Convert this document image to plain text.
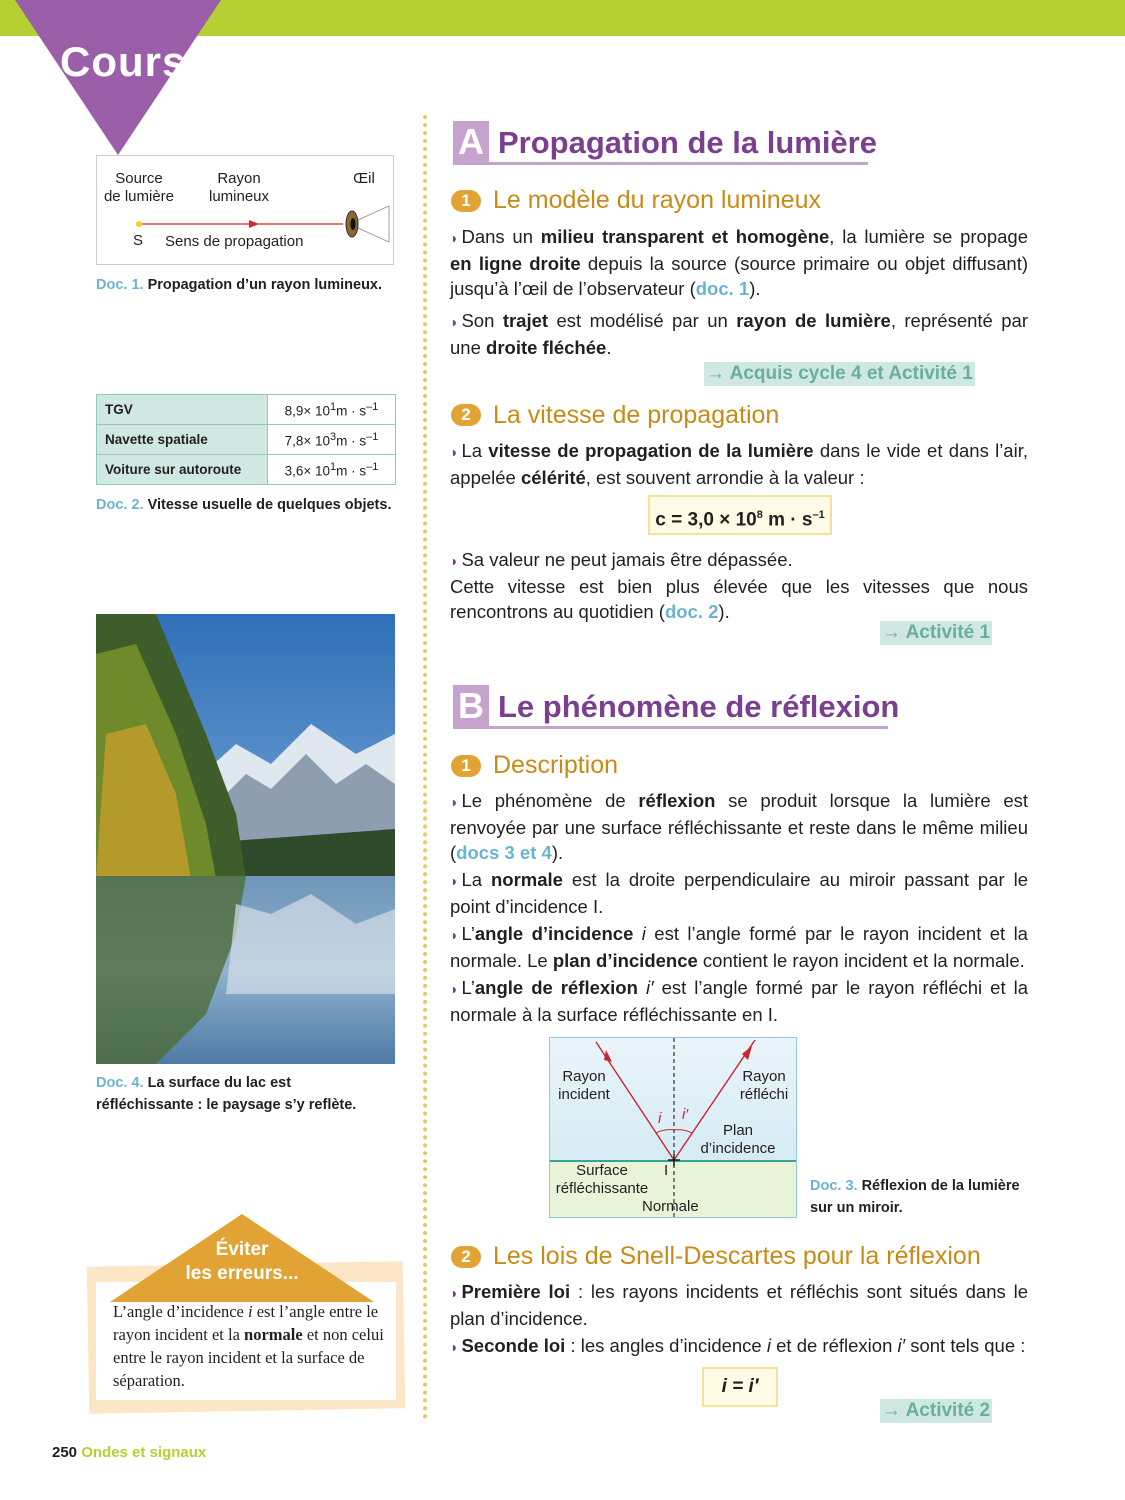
Cours
Source
de lumière
Rayon
lumineux
Œil
S Sens de propagation
Doc. 1. Propagation d’un rayon lumineux.
TGV	$8,9\times 10^1m \cdot s^{-1}$
Navette spatiale	$7,8\times 10^3m \cdot s^{-1}$
Voiture sur autoroute	$3,6\times 10^1m \cdot s^{-1}$
Doc. 2. Vitesse usuelle de quelques objets.
Doc. 4. La surface du lac est
réfléchissante : le paysage s’y reflète.
Éviter
les erreurs...
L’angle d’incidence i est l’angle entre le rayon incident et la normale et non celui entre le rayon incident et la surface de séparation.
250 Ondes et signaux
A Propagation de la lumière
1 Le modèle du rayon lumineux
◗ Dans un milieu transparent et homogène, la lumière se propage en ligne droite depuis la source (source primaire ou objet diffusant) jusqu’à l’œil de l’observateur (doc. 1).
◗ Son trajet est modélisé par un rayon de lumière, représenté par une droite fléchée.
→ Acquis cycle 4 et Activité 1
2 La vitesse de propagation
◗ La vitesse de propagation de la lumière dans le vide et dans l’air, appelée célérité, est souvent arrondie à la valeur :
$c = 3,0 \times 10^8$ $m \cdot s^{-1}$
◗ Sa valeur ne peut jamais être dépassée.
Cette vitesse est bien plus élevée que les vitesses que nous rencontrons au quotidien (doc. 2).
→ Activité 1
B Le phénomène de réflexion
1 Description
◗ Le phénomène de réflexion se produit lorsque la lumière est renvoyée par une surface réfléchissante et reste dans le même milieu (docs 3 et 4).
◗ La normale est la droite perpendiculaire au miroir passant par le point d’incidence I.
◗ L’angle d’incidence i est l’angle formé par le rayon incident et la normale. Le plan d’incidence contient le rayon incident et la normale.
◗ L’angle de réflexion i′ est l’angle formé par le rayon réfléchi et la normale à la surface réfléchissante en I.
Rayon
incident
Rayon
réfléchi
i i′
Plan
d’incidence
Surface
réfléchissante
I
Normale
Doc. 3. Réflexion de la lumière
sur un miroir.
2 Les lois de Snell-Descartes pour la réflexion
◗ Première loi : les rayons incidents et réfléchis sont situés dans le plan d’incidence.
◗ Seconde loi : les angles d’incidence i et de réflexion i′ sont tels que :
i = i′
→ Activité 2
